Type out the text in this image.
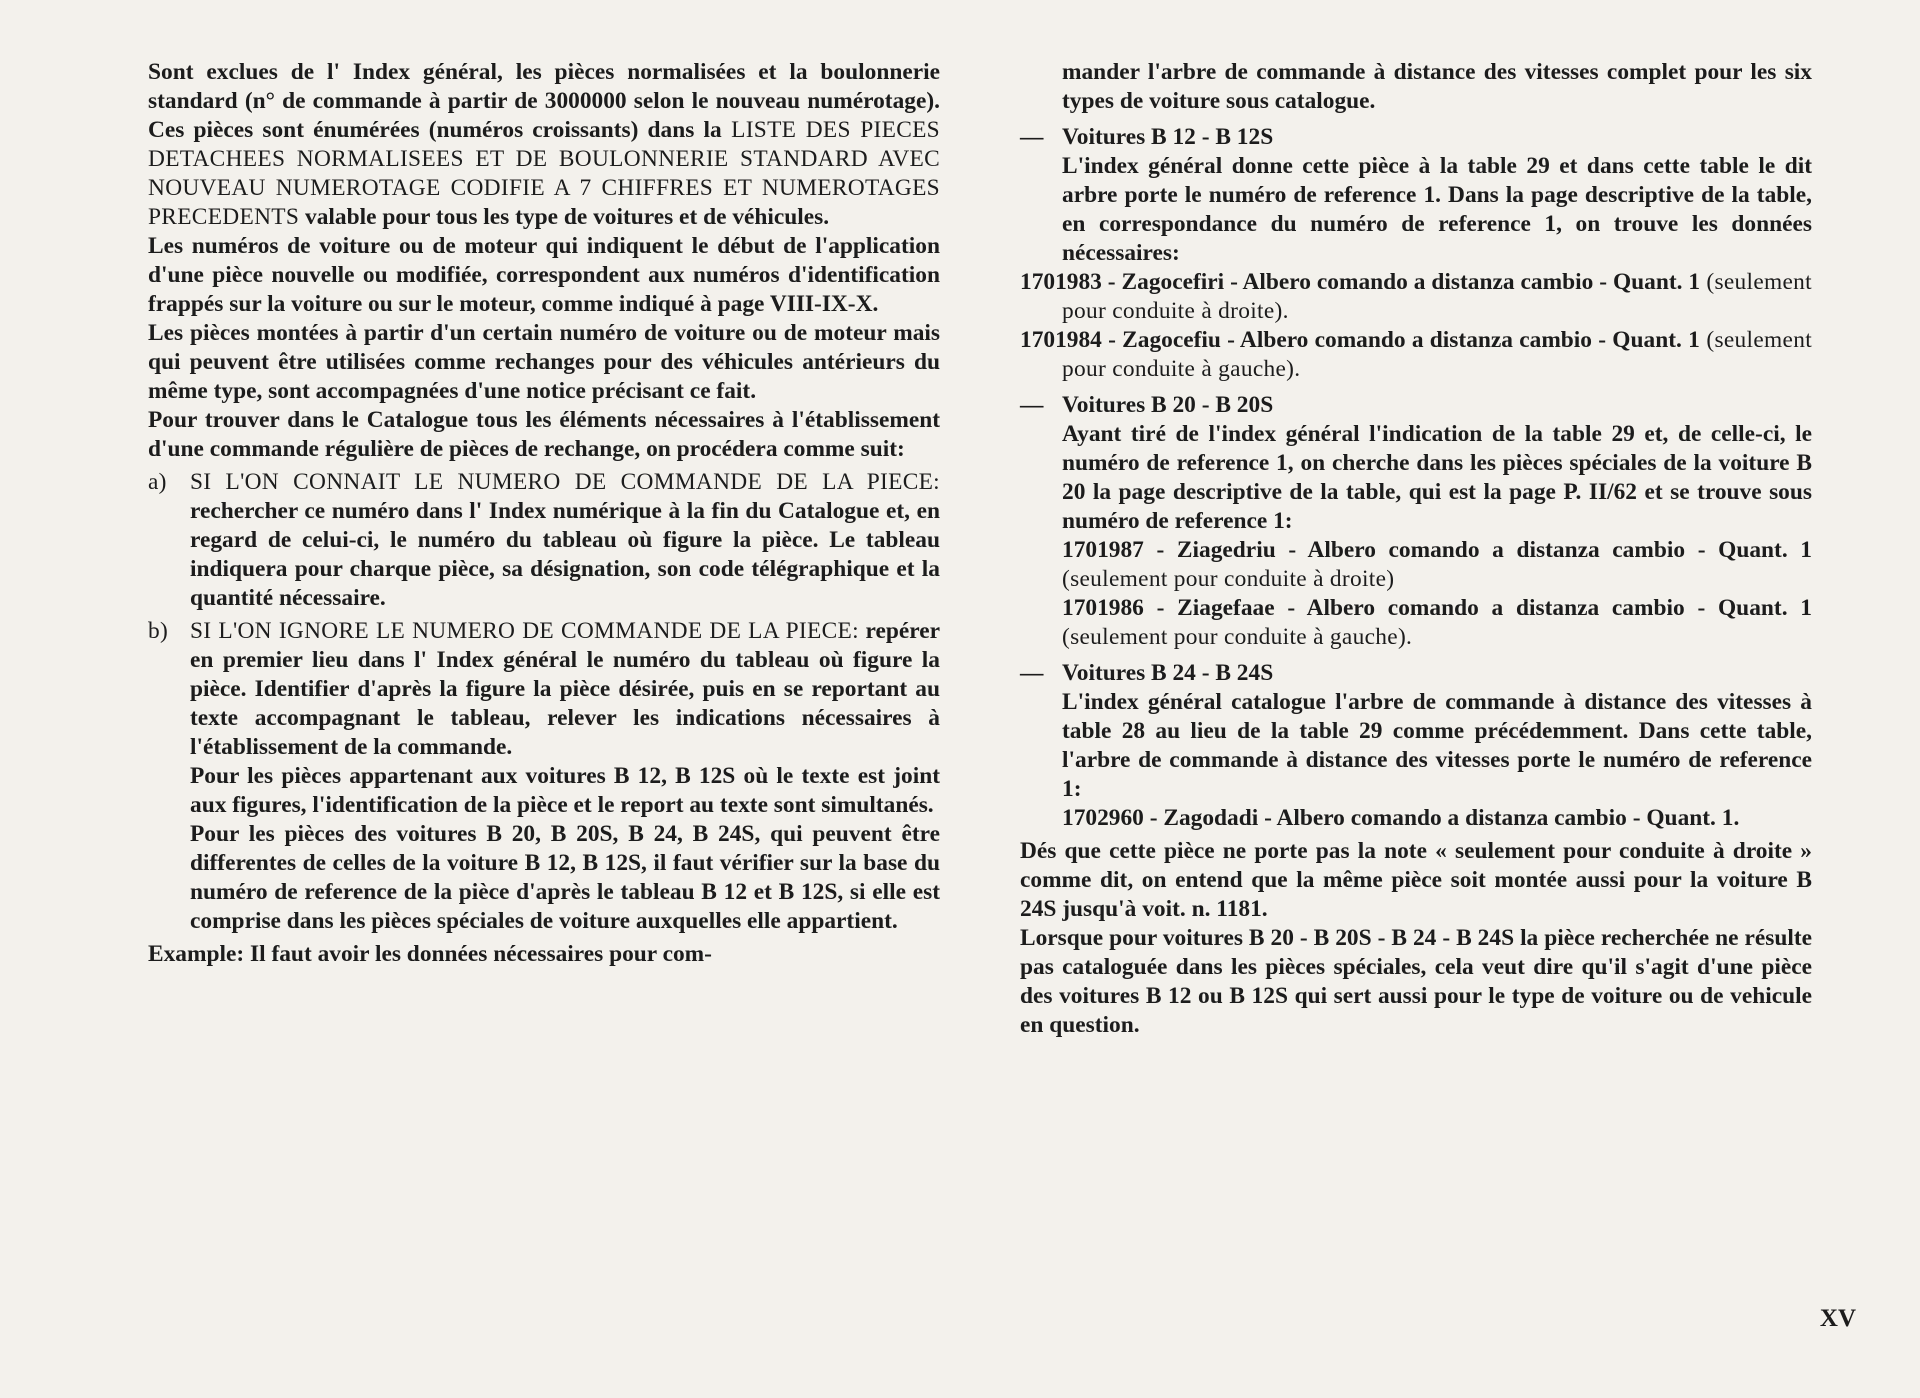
Sont exclues de l' Index général, les pièces normalisées et la boulonnerie standard (n° de commande à partir de 3000000 selon le nouveau numérotage). Ces pièces sont énumérées (numéros croissants) dans la LISTE DES PIECES DETACHEES NORMALISEES ET DE BOULONNERIE STANDARD AVEC NOUVEAU NUMEROTAGE CODIFIE A 7 CHIFFRES ET NUMEROTAGES PRECEDENTS valable pour tous les type de voitures et de véhicules.

Les numéros de voiture ou de moteur qui indiquent le début de l'application d'une pièce nouvelle ou modifiée, correspondent aux numéros d'identification frappés sur la voiture ou sur le moteur, comme indiqué à page VIII-IX-X.

Les pièces montées à partir d'un certain numéro de voiture ou de moteur mais qui peuvent être utilisées comme rechanges pour des véhicules antérieurs du même type, sont accompagnées d'une notice précisant ce fait.

Pour trouver dans le Catalogue tous les éléments nécessaires à l'établissement d'une commande régulière de pièces de rechange, on procédera comme suit:

a) SI L'ON CONNAIT LE NUMERO DE COMMANDE DE LA PIECE: rechercher ce numéro dans l' Index numérique à la fin du Catalogue et, en regard de celui-ci, le numéro du tableau où figure la pièce. Le tableau indiquera pour charque pièce, sa désignation, son code télégraphique et la quantité nécessaire.
b) SI L'ON IGNORE LE NUMERO DE COMMANDE DE LA PIECE: repérer en premier lieu dans l' Index général le numéro du tableau où figure la pièce. Identifier d'après la figure la pièce désirée, puis en se reportant au texte accompagnant le tableau, relever les indications nécessaires à l'établissement de la commande.

Pour les pièces appartenant aux voitures B 12, B 12S où le texte est joint aux figures, l'identification de la pièce et le report au texte sont simultanés.

Pour les pièces des voitures B 20, B 20S, B 24, B 24S, qui peuvent être differentes de celles de la voiture B 12, B 12S, il faut vérifier sur la base du numéro de reference de la pièce d'après le tableau B 12 et B 12S, si elle est comprise dans les pièces spéciales de voiture auxquelles elle appartient.

Example: Il faut avoir les données nécessaires pour com-

mander l'arbre de commande à distance des vitesses complet pour les six types de voiture sous catalogue.

— Voitures B 12 - B 12S

L'index général donne cette pièce à la table 29 et dans cette table le dit arbre porte le numéro de reference 1. Dans la page descriptive de la table, en correspondance du numéro de reference 1, on trouve les données nécessaires:

1701983 - Zagocefiri - Albero comando a distanza cambio - Quant. 1 (seulement pour conduite à droite).

1701984 - Zagocefiu - Albero comando a distanza cambio - Quant. 1 (seulement pour conduite à gauche).

— Voitures B 20 - B 20S

Ayant tiré de l'index général l'indication de la table 29 et, de celle-ci, le numéro de reference 1, on cherche dans les pièces spéciales de la voiture B 20 la page descriptive de la table, qui est la page P. II/62 et se trouve sous numéro de reference 1:

1701987 - Ziagedriu - Albero comando a distanza cambio - Quant. 1 (seulement pour conduite à droite)

1701986 - Ziagefaae - Albero comando a distanza cambio - Quant. 1 (seulement pour conduite à gauche).

— Voitures B 24 - B 24S

L'index général catalogue l'arbre de commande à distance des vitesses à table 28 au lieu de la table 29 comme précédemment. Dans cette table, l'arbre de commande à distance des vitesses porte le numéro de reference 1:

1702960 - Zagodadi - Albero comando a distanza cambio - Quant. 1.

Dés que cette pièce ne porte pas la note « seulement pour conduite à droite » comme dit, on entend que la même pièce soit montée aussi pour la voiture B 24S jusqu'à voit. n. 1181.

Lorsque pour voitures B 20 - B 20S - B 24 - B 24S la pièce recherchée ne résulte pas cataloguée dans les pièces spéciales, cela veut dire qu'il s'agit d'une pièce des voitures B 12 ou B 12S qui sert aussi pour le type de voiture ou de vehicule en question.

XV
